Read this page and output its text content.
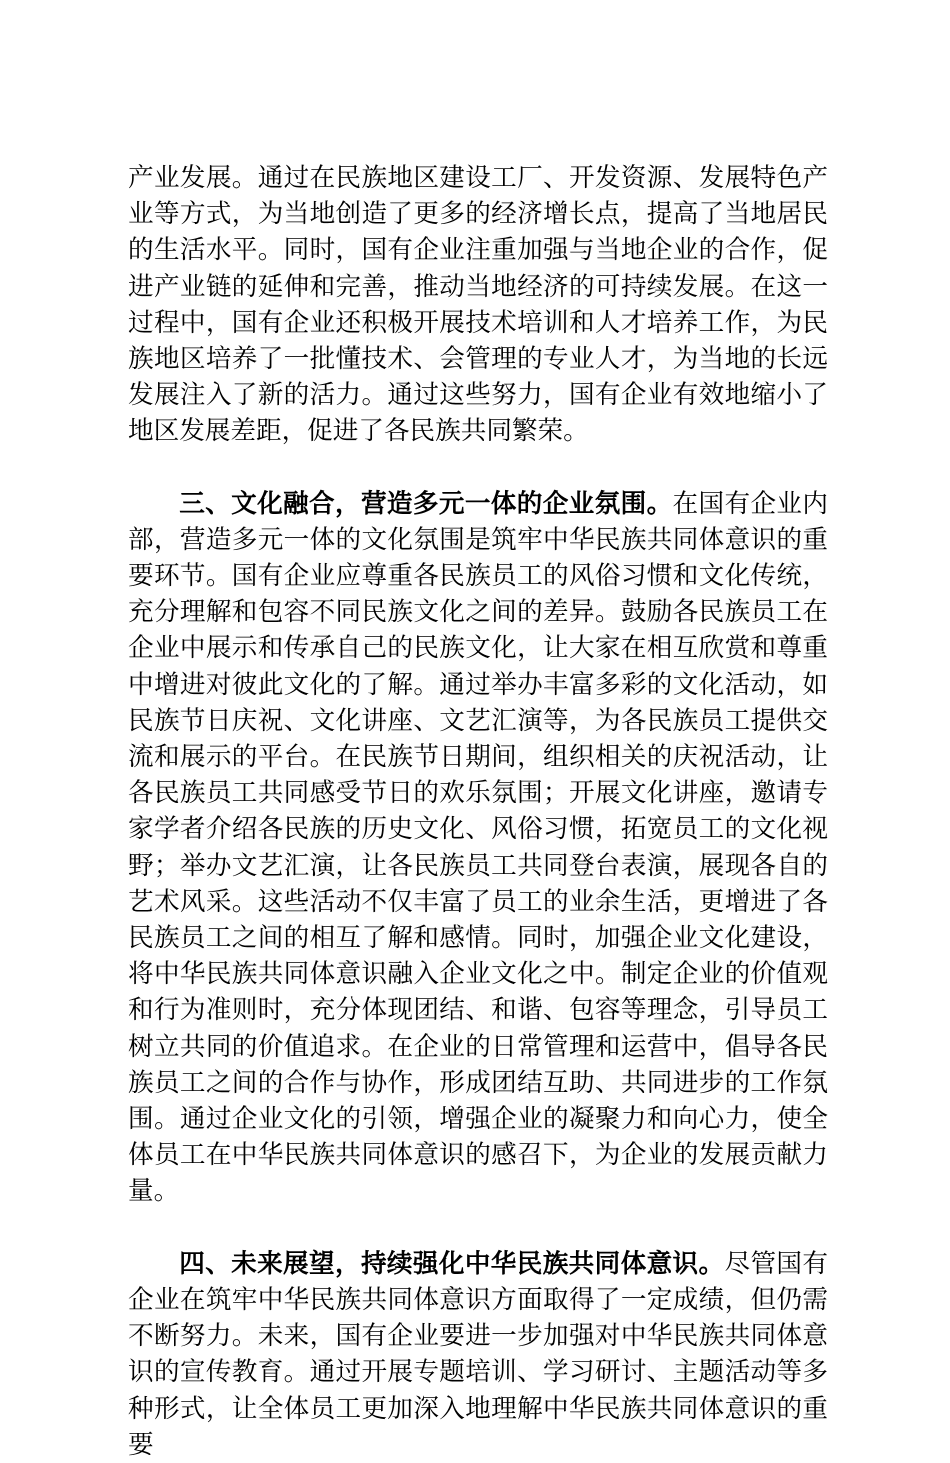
产业发展。通过在民族地区建设工厂、开发资源、发展特色产业等方式，为当地创造了更多的经济增长点，提高了当地居民的生活水平。同时，国有企业注重加强与当地企业的合作，促进产业链的延伸和完善，推动当地经济的可持续发展。在这一过程中，国有企业还积极开展技术培训和人才培养工作，为民族地区培养了一批懂技术、会管理的专业人才，为当地的长远发展注入了新的活力。通过这些努力，国有企业有效地缩小了地区发展差距，促进了各民族共同繁荣。

三、文化融合，营造多元一体的企业氛围。在国有企业内部，营造多元一体的文化氛围是筑牢中华民族共同体意识的重要环节。国有企业应尊重各民族员工的风俗习惯和文化传统，充分理解和包容不同民族文化之间的差异。鼓励各民族员工在企业中展示和传承自己的民族文化，让大家在相互欣赏和尊重中增进对彼此文化的了解。通过举办丰富多彩的文化活动，如民族节日庆祝、文化讲座、文艺汇演等，为各民族员工提供交流和展示的平台。在民族节日期间，组织相关的庆祝活动，让各民族员工共同感受节日的欢乐氛围；开展文化讲座，邀请专家学者介绍各民族的历史文化、风俗习惯，拓宽员工的文化视野；举办文艺汇演，让各民族员工共同登台表演，展现各自的艺术风采。这些活动不仅丰富了员工的业余生活，更增进了各民族员工之间的相互了解和感情。同时，加强企业文化建设，将中华民族共同体意识融入企业文化之中。制定企业的价值观和行为准则时，充分体现团结、和谐、包容等理念，引导员工树立共同的价值追求。在企业的日常管理和运营中，倡导各民族员工之间的合作与协作，形成团结互助、共同进步的工作氛围。通过企业文化的引领，增强企业的凝聚力和向心力，使全体员工在中华民族共同体意识的感召下，为企业的发展贡献力量。

四、未来展望，持续强化中华民族共同体意识。尽管国有企业在筑牢中华民族共同体意识方面取得了一定成绩，但仍需不断努力。未来，国有企业要进一步加强对中华民族共同体意识的宣传教育。通过开展专题培训、学习研讨、主题活动等多种形式，让全体员工更加深入地理解中华民族共同体意识的重要
